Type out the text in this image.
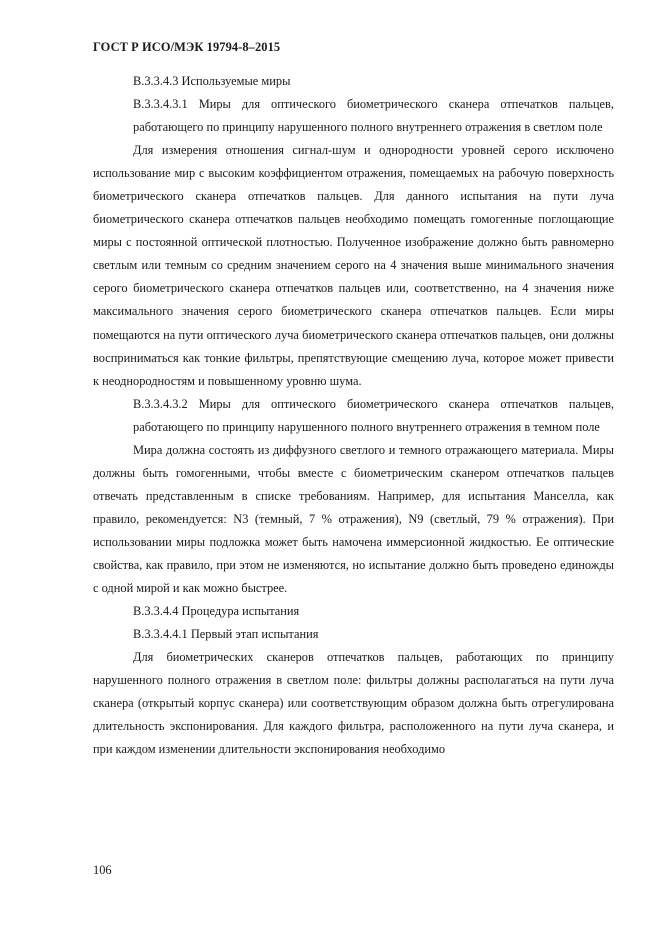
ГОСТ Р ИСО/МЭК 19794-8–2015

В.3.3.4.3 Используемые миры

В.3.3.4.3.1 Миры для оптического биометрического сканера отпечатков пальцев, работающего по принципу нарушенного полного внутреннего отражения в светлом поле

Для измерения отношения сигнал-шум и однородности уровней серого исключено использование мир с высоким коэффициентом отражения, помещаемых на рабочую поверхность биометрического сканера отпечатков пальцев. Для данного испытания на пути луча биометрического сканера отпечатков пальцев необходимо помещать гомогенные поглощающие миры с постоянной оптической плотностью. Полученное изображение должно быть равномерно светлым или темным со средним значением серого на 4 значения выше минимального значения серого биометрического сканера отпечатков пальцев или, соответственно, на 4 значения ниже максимального значения серого биометрического сканера отпечатков пальцев. Если миры помещаются на пути оптического луча биометрического сканера отпечатков пальцев, они должны восприниматься как тонкие фильтры, препятствующие смещению луча, которое может привести к неоднородностям и повышенному уровню шума.

В.3.3.4.3.2 Миры для оптического биометрического сканера отпечатков пальцев, работающего по принципу нарушенного полного внутреннего отражения в темном поле

Мира должна состоять из диффузного светлого и темного отражающего материала. Миры должны быть гомогенными, чтобы вместе с биометрическим сканером отпечатков пальцев отвечать представленным в списке требованиям. Например, для испытания Манселла, как правило, рекомендуется: N3 (темный, 7 % отражения), N9 (светлый, 79 % отражения). При использовании миры подложка может быть намочена иммерсионной жидкостью. Ее оптические свойства, как правило, при этом не изменяются, но испытание должно быть проведено единожды с одной мирой и как можно быстрее.

В.3.3.4.4 Процедура испытания

В.3.3.4.4.1 Первый этап испытания

Для биометрических сканеров отпечатков пальцев, работающих по принципу нарушенного полного отражения в светлом поле: фильтры должны располагаться на пути луча сканера (открытый корпус сканера) или соответствующим образом должна быть отрегулирована длительность экспонирования. Для каждого фильтра, расположенного на пути луча сканера, и при каждом изменении длительности экспонирования необходимо

106
